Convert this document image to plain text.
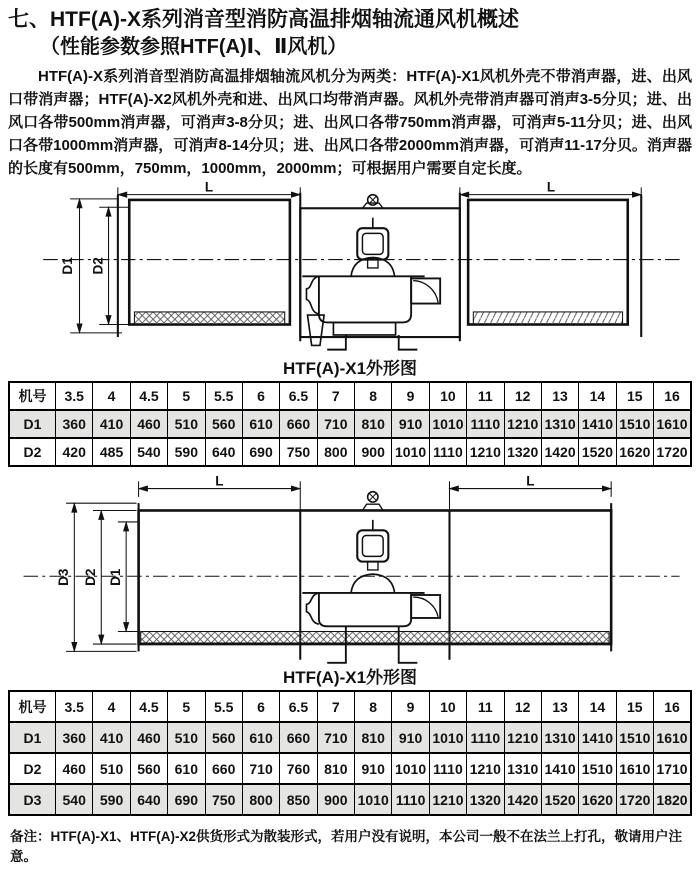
七、HTF(A)-X系列消音型消防高温排烟轴流通风机概述
（性能参数参照HTF(A)Ⅰ、Ⅱ风机）

HTF(A)-X系列消音型消防高温排烟轴流风机分为两类：HTF(A)-X1风机外壳不带消声器，进、出风口带消声器；HTF(A)-X2风机外壳和进、出风口均带消声器。风机外壳带消声器可消声3-5分贝；进、出风口各带500mm消声器，可消声3-8分贝；进、出风口各带750mm消声器，可消声5-11分贝；进、出风口各带1000mm消声器，可消声8-14分贝；进、出风口各带2000mm消声器，可消声11-17分贝。消声器的长度有500mm，750mm，1000mm，2000mm；可根据用户需要自定长度。

L	L
D1 D2
HTF(A)-X1外形图
机号	3.5	4	4.5	5	5.5	6	6.5	7	8	9	10	11	12	13	14	15	16
D1	360	410	460	510	560	610	660	710	810	910	1010	1110	1210	1310	1410	1510	1610
D2	420	485	540	590	640	690	750	800	900	1010	1110	1210	1320	1420	1520	1620	1720
L	L
D3 D2 D1
HTF(A)-X1外形图
机号	3.5	4	4.5	5	5.5	6	6.5	7	8	9	10	11	12	13	14	15	16
D1	360	410	460	510	560	610	660	710	810	910	1010	1110	1210	1310	1410	1510	1610
D2	460	510	560	610	660	710	760	810	910	1010	1110	1210	1310	1410	1510	1610	1710
D3	540	590	640	690	750	800	850	900	1010	1110	1210	1320	1420	1520	1620	1720	1820

备注：HTF(A)-X1、HTF(A)-X2供货形式为散装形式，若用户没有说明，本公司一般不在法兰上打孔，敬请用户注意。
